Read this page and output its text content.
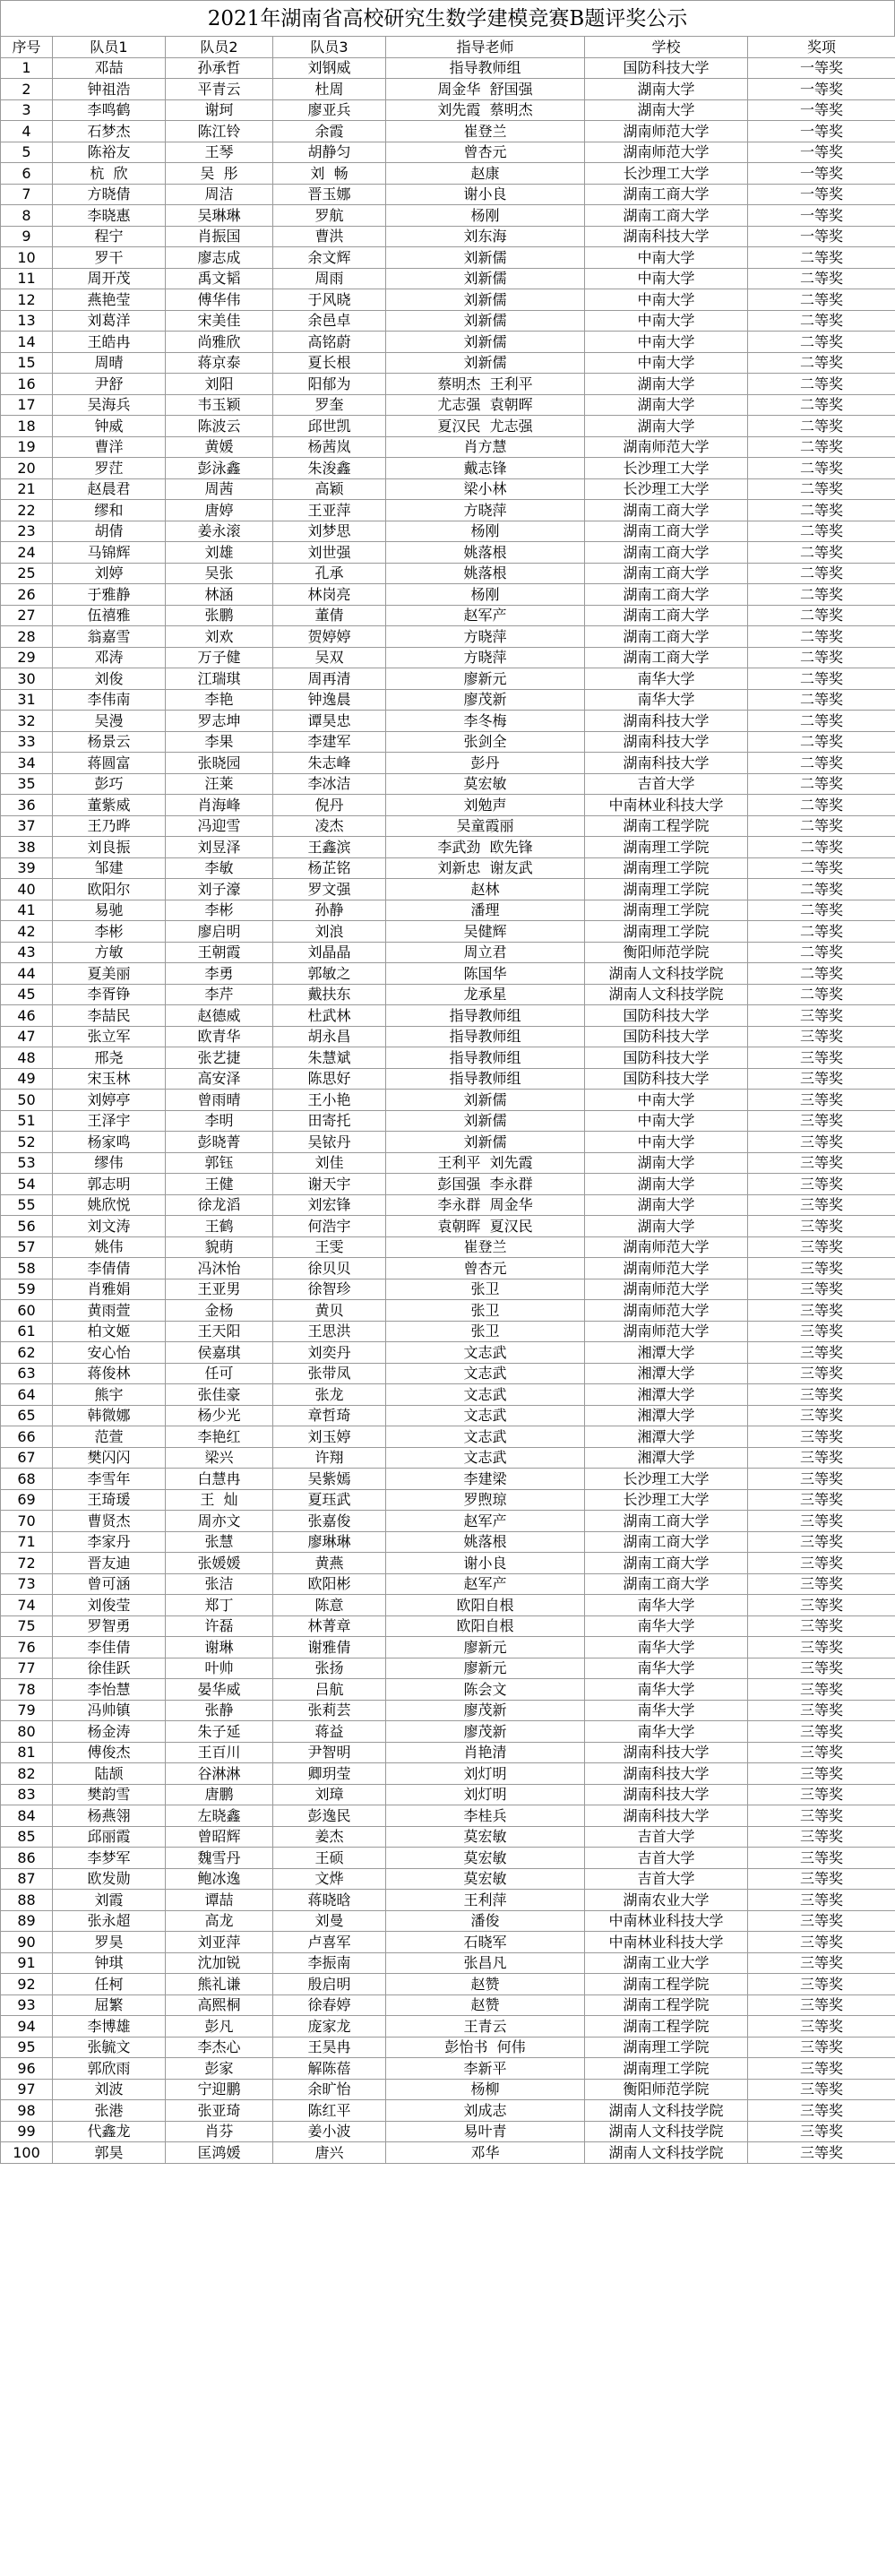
2021年湖南省高校研究生数学建模竞赛B题评奖公示
序号	队员1	队员2	队员3	指导老师	学校	奖项
1	邓喆	孙承哲	刘钢威	指导教师组	国防科技大学	一等奖
2	钟祖浩	平青云	杜周	周金华  舒国强	湖南大学	一等奖
3	李鸣鹤	谢珂	廖亚兵	刘先霞  蔡明杰	湖南大学	一等奖
4	石梦杰	陈江铃	余霞	崔登兰	湖南师范大学	一等奖
5	陈裕友	王琴	胡静匀	曾杏元	湖南师范大学	一等奖
6	杭  欣	吴  彤	刘  畅	赵康	长沙理工大学	一等奖
7	方晓倩	周洁	晋玉娜	谢小良	湖南工商大学	一等奖
8	李晓惠	吴琳琳	罗航	杨刚	湖南工商大学	一等奖
9	程宁	肖振国	曹洪	刘东海	湖南科技大学	一等奖
10	罗干	廖志成	余文辉	刘新儒	中南大学	二等奖
11	周开茂	禹文韬	周雨	刘新儒	中南大学	二等奖
12	燕艳莹	傅华伟	于风晓	刘新儒	中南大学	二等奖
13	刘葛洋	宋美佳	余邑卓	刘新儒	中南大学	二等奖
14	王皓冉	尚雅欣	高铭蔚	刘新儒	中南大学	二等奖
15	周晴	蒋京泰	夏长根	刘新儒	中南大学	二等奖
16	尹舒	刘阳	阳郁为	蔡明杰  王利平	湖南大学	二等奖
17	吴海兵	韦玉颖	罗奎	尤志强  袁朝晖	湖南大学	二等奖
18	钟威	陈波云	邱世凯	夏汉民  尤志强	湖南大学	二等奖
19	曹洋	黄媛	杨茜岚	肖方慧	湖南师范大学	二等奖
20	罗茳	彭泳鑫	朱浚鑫	戴志锋	长沙理工大学	二等奖
21	赵晨君	周茜	高颖	梁小林	长沙理工大学	二等奖
22	缪和	唐婷	王亚萍	方晓萍	湖南工商大学	二等奖
23	胡倩	姜永滚	刘梦思	杨刚	湖南工商大学	二等奖
24	马锦辉	刘雄	刘世强	姚落根	湖南工商大学	二等奖
25	刘婷	吴张	孔承	姚落根	湖南工商大学	二等奖
26	于雅静	林涵	林岗亮	杨刚	湖南工商大学	二等奖
27	伍禧雅	张鹏	董倩	赵军产	湖南工商大学	二等奖
28	翁嘉雪	刘欢	贺婷婷	方晓萍	湖南工商大学	二等奖
29	邓涛	万子健	吴双	方晓萍	湖南工商大学	二等奖
30	刘俊	江瑞琪	周再清	廖新元	南华大学	二等奖
31	李伟南	李艳	钟逸晨	廖茂新	南华大学	二等奖
32	吴漫	罗志坤	谭昊忠	李冬梅	湖南科技大学	二等奖
33	杨景云	李果	李建军	张剑全	湖南科技大学	二等奖
34	蒋圆富	张晓园	朱志峰	彭丹	湖南科技大学	二等奖
35	彭巧	汪莱	李冰洁	莫宏敏	吉首大学	二等奖
36	董紫威	肖海峰	倪丹	刘勉声	中南林业科技大学	二等奖
37	王乃晔	冯迎雪	凌杰	吴童霞丽	湖南工程学院	二等奖
38	刘良振	刘昱泽	王鑫滨	李武劲  欧先锋	湖南理工学院	二等奖
39	邹建	李敏	杨芷铭	刘新忠  谢友武	湖南理工学院	二等奖
40	欧阳尔	刘子濠	罗文强	赵林	湖南理工学院	二等奖
41	易驰	李彬	孙静	潘理	湖南理工学院	二等奖
42	李彬	廖启明	刘浪	吴健辉	湖南理工学院	二等奖
43	方敏	王朝霞	刘晶晶	周立君	衡阳师范学院	二等奖
44	夏美丽	李勇	郭敏之	陈国华	湖南人文科技学院	二等奖
45	李胥铮	李芹	戴扶东	龙承星	湖南人文科技学院	二等奖
46	李喆民	赵德威	杜武林	指导教师组	国防科技大学	三等奖
47	张立军	欧青华	胡永昌	指导教师组	国防科技大学	三等奖
48	邢尧	张艺捷	朱慧斌	指导教师组	国防科技大学	三等奖
49	宋玉林	高安泽	陈思好	指导教师组	国防科技大学	三等奖
50	刘婷亭	曾雨晴	王小艳	刘新儒	中南大学	三等奖
51	王泽宇	李明	田寄托	刘新儒	中南大学	三等奖
52	杨家鸣	彭晓菁	吴铱丹	刘新儒	中南大学	三等奖
53	缪伟	郭钰	刘佳	王利平  刘先霞	湖南大学	三等奖
54	郭志明	王健	谢天宇	彭国强  李永群	湖南大学	三等奖
55	姚欣悦	徐龙滔	刘宏锋	李永群  周金华	湖南大学	三等奖
56	刘文涛	王鹤	何浩宇	袁朝晖  夏汉民	湖南大学	三等奖
57	姚伟	貌萌	王雯	崔登兰	湖南师范大学	三等奖
58	李倩倩	冯沐怡	徐贝贝	曾杏元	湖南师范大学	三等奖
59	肖雅娟	王亚男	徐智珍	张卫	湖南师范大学	三等奖
60	黄雨萱	金杨	黄贝	张卫	湖南师范大学	三等奖
61	柏文姬	王天阳	王思洪	张卫	湖南师范大学	三等奖
62	安心怡	侯嘉琪	刘奕丹	文志武	湘潭大学	三等奖
63	蒋俊林	任可	张带凤	文志武	湘潭大学	三等奖
64	熊宇	张佳豪	张龙	文志武	湘潭大学	三等奖
65	韩微娜	杨少光	章哲琦	文志武	湘潭大学	三等奖
66	范萱	李艳红	刘玉婷	文志武	湘潭大学	三等奖
67	樊闪闪	梁兴	许翔	文志武	湘潭大学	三等奖
68	李雪年	白慧冉	吴紫嫣	李建梁	长沙理工大学	三等奖
69	王琦瑗	王  灿	夏珏武	罗煦琼	长沙理工大学	三等奖
70	曹贤杰	周亦文	张嘉俊	赵军产	湖南工商大学	三等奖
71	李家丹	张慧	廖琳琳	姚落根	湖南工商大学	三等奖
72	晋友迪	张媛媛	黄燕	谢小良	湖南工商大学	三等奖
73	曾可涵	张洁	欧阳彬	赵军产	湖南工商大学	三等奖
74	刘俊莹	郑丁	陈意	欧阳自根	南华大学	三等奖
75	罗智勇	许磊	林菁章	欧阳自根	南华大学	三等奖
76	李佳倩	谢琳	谢雅倩	廖新元	南华大学	三等奖
77	徐佳跃	叶帅	张扬	廖新元	南华大学	三等奖
78	李怡慧	晏华威	吕航	陈会文	南华大学	三等奖
79	冯帅镇	张静	张莉芸	廖茂新	南华大学	三等奖
80	杨金涛	朱子延	蒋益	廖茂新	南华大学	三等奖
81	傅俊杰	王百川	尹智明	肖艳清	湖南科技大学	三等奖
82	陆颉	谷淋淋	卿玥莹	刘灯明	湖南科技大学	三等奖
83	樊韵雪	唐鹏	刘璋	刘灯明	湖南科技大学	三等奖
84	杨燕翎	左晓鑫	彭逸民	李桂兵	湖南科技大学	三等奖
85	邱丽霞	曾昭辉	姜杰	莫宏敏	吉首大学	三等奖
86	李梦军	魏雪丹	王硕	莫宏敏	吉首大学	三等奖
87	欧发勋	鲍冰逸	文烨	莫宏敏	吉首大学	三等奖
88	刘霞	谭喆	蒋晓晗	王利萍	湖南农业大学	三等奖
89	张永超	高龙	刘曼	潘俊	中南林业科技大学	三等奖
90	罗昊	刘亚萍	卢喜军	石晓军	中南林业科技大学	三等奖
91	钟琪	沈加锐	李振南	张昌凡	湖南工业大学	三等奖
92	任柯	熊礼谦	殷启明	赵赞	湖南工程学院	三等奖
93	屈繁	高熙桐	徐春婷	赵赞	湖南工程学院	三等奖
94	李博雄	彭凡	庞家龙	王青云	湖南工程学院	三等奖
95	张毓文	李杰心	王昊冉	彭怡书  何伟	湖南理工学院	三等奖
96	郭欣雨	彭家	解陈蓓	李新平	湖南理工学院	三等奖
97	刘波	宁迎鹏	余旷怡	杨柳	衡阳师范学院	三等奖
98	张港	张亚琦	陈红平	刘成志	湖南人文科技学院	三等奖
99	代鑫龙	肖芬	姜小波	易叶青	湖南人文科技学院	三等奖
100	郭昊	匡鸿媛	唐兴	邓华	湖南人文科技学院	三等奖
